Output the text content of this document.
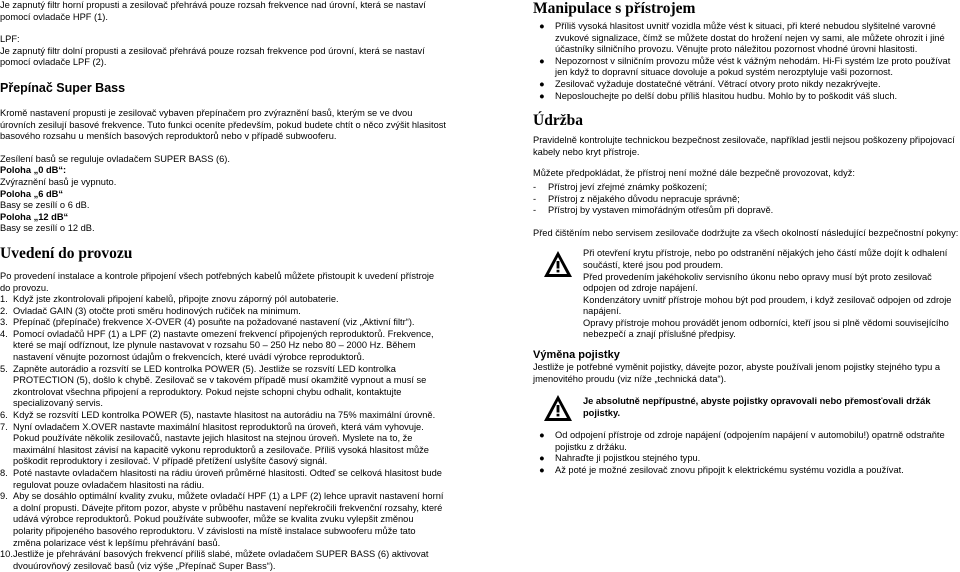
Je zapnutý filtr horní propusti a zesilovač přehrává pouze rozsah frekvence nad úrovní, která se nastaví pomocí ovladače HPF (1).

LPF:

Je zapnutý filtr dolní propusti a zesilovač přehrává pouze rozsah frekvence pod úrovní, která se nastaví pomocí ovladače LPF (2).

Přepínač Super Bass

Kromě nastavení propusti je zesilovač vybaven přepínačem pro zvýraznění basů, kterým se ve dvou úrovních zesilují basové frekvence. Tuto funkci oceníte především, pokud budete chtít o něco zvýšit hlasitost basového rozsahu u menších basových reproduktorů nebo v případě subwooferu.

Zesílení basů se reguluje ovladačem SUPER BASS (6).

Poloha „0 dB“:

Zvýraznění basů je vypnuto.

Poloha „6 dB“

Basy se zesílí o 6 dB.

Poloha „12 dB“

Basy se zesílí o 12 dB.

Uvedení do provozu

Po provedení instalace a kontrole připojení všech potřebných kabelů můžete přistoupit k uvedení přístroje do provozu.

1. Když jste zkontrolovali připojení kabelů, připojte znovu záporný pól autobaterie.
2. Ovladač GAIN (3) otočte proti směru hodinových ručiček na minimum.
3. Přepínač (přepínače) frekvence X-OVER (4) posuňte na požadované nastavení (viz „Aktivní filtr“).
4. Pomocí ovladačů HPF (1) a LPF (2) nastavte omezení frekvencí připojených reproduktorů. Frekvence, které se mají odříznout, lze plynule nastavovat v rozsahu 50 – 250 Hz nebo 80 – 2000 Hz. Během nastavení věnujte pozornost údajům o frekvencích, které uvádí výrobce reproduktorů.
5. Zapněte autorádio a rozsvítí se LED kontrolka POWER (5). Jestliže se rozsvítí LED kontrolka PROTECTION (5), došlo k chybě. Zesilovač se v takovém případě musí okamžitě vypnout a musí se zkontrolovat všechna připojení a reproduktory. Pokud nejste schopni chybu odhalit, kontaktujte specializovaný servis.
6. Když se rozsvítí LED kontrolka POWER (5), nastavte hlasitost na autorádiu na 75% maximální úrovně.
7. Nyní ovladačem X.OVER nastavte maximální hlasitost reproduktorů na úroveň, která vám vyhovuje. Pokud používáte několik zesilovačů, nastavte jejich hlasitost na stejnou úroveň. Myslete na to, že maximální hlasitost závisí na kapacitě vykonu reproduktorů a zesilovače. Příliš vysoká hlasitost může poškodit reproduktory i zesilovač. V případě přetížení uslyšíte časový signál.
8. Poté nastavte ovladačem hlasitosti na rádiu úroveň průměrné hlasitosti. Odteď se celková hlasitost bude regulovat pouze ovladačem hlasitosti na rádiu.
9. Aby se dosáhlo optimální kvality zvuku, můžete ovladačí HPF (1) a LPF (2) lehce upravit nastavení horní a dolní propusti. Dávejte přitom pozor, abyste v průběhu nastavení nepřekročili frekvenční rozsahy, které udává výrobce reproduktorů. Pokud používáte subwoofer, může se kvalita zvuku vylepšit změnou polarity připojeného basového reproduktoru. V závislosti na místě instalace subwooferu může tato změna polarizace vést k lepšímu přehrávání basů.
10. Jestliže je přehrávání basových frekvencí příliš slabé, můžete ovladačem SUPER BASS (6) aktivovat dvouúrovňový zesilovač basů (viz výše „Přepínač Super Bass“).

Manipulace s přístrojem

● Příliš vysoká hlasitost uvnitř vozidla může vést k situaci, při které nebudou slyšitelné varovné zvukové signalizace, čímž se můžete dostat do hrožení nejen vy sami, ale můžete ohrozit i jiné účastníky silničního provozu. Věnujte proto náležitou pozornost vhodné úrovni hlasitosti.
● Nepozornost v silničním provozu může vést k vážným nehodám. Hi-Fi systém lze proto používat jen když to dopravní situace dovoluje a pokud systém nerozptyluje vaši pozornost.
● Zesilovač vyžaduje dostatečné větrání. Větrací otvory proto nikdy nezakrývejte.
● Neposlouchejte po delší dobu příliš hlasitou hudbu. Mohlo by to poškodit váš sluch.

Údržba

Pravidelně kontrolujte technickou bezpečnost zesilovače, například jestli nejsou poškozeny připojovací kabely nebo kryt přístroje.

Můžete předpokládat, že přístroj není možné dále bezpečně provozovat, když:

- Přístroj jeví zřejmé známky poškození;
- Přístroj z nějakého důvodu nepracuje správně;
- Přístroj by vystaven mimořádným otřesům při dopravě.

Před čištěním nebo servisem zesilovače dodržujte za všech okolností následující bezpečnostní pokyny:

Při otevření krytu přístroje, nebo po odstranění nějakých jeho částí může dojít k odhalení součástí, které jsou pod proudem.

Před provedením jakéhokoliv servisního úkonu nebo opravy musí být proto zesilovač odpojen od zdroje napájení.

Kondenzátory uvnitř přístroje mohou být pod proudem, i když zesilovač odpojen od zdroje napájení.

Opravy přístroje mohou provádět jenom odborníci, kteří jsou si plně vědomi souvisejícího nebezpečí a znají příslušné předpisy.

Výměna pojistky

Jestliže je potřebné vyměnit pojistky, dávejte pozor, abyste používali jenom pojistky stejného typu a jmenovitého proudu (viz níže „technická data“).

Je absolutně nepřípustné, abyste pojistky opravovali nebo přemosťovali držák pojistky.

● Od odpojení přístroje od zdroje napájení (odpojením napájení v automobilu!) opatrně odstraňte pojistku z držáku.
● Nahraďte ji pojistkou stejného typu.
● Až poté je možné zesilovač znovu připojit k elektrickému systému vozidla a používat.
